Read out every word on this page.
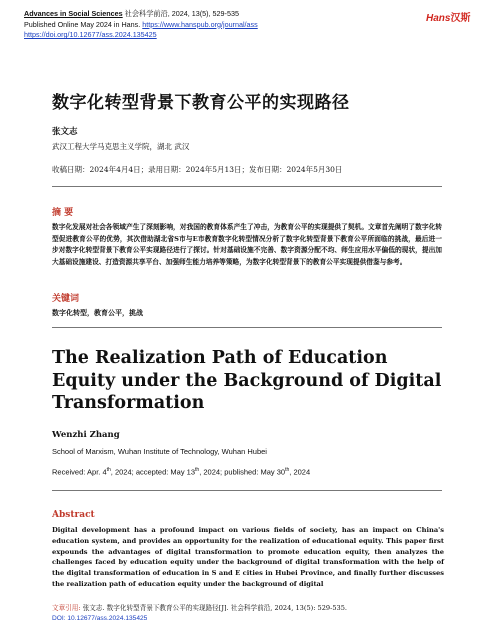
Advances in Social Sciences 社会科学前沿, 2024, 13(5), 529-535
Published Online May 2024 in Hans. https://www.hanspub.org/journal/ass
https://doi.org/10.12677/ass.2024.135425
Hans汉斯
数字化转型背景下教育公平的实现路径
张文志
武汉工程大学马克思主义学院，湖北 武汉
收稿日期：2024年4月4日；录用日期：2024年5月13日；发布日期：2024年5月30日
摘 要
数字化发展对社会各领域产生了深刻影响，对我国的教育体系产生了冲击，为教育公平的实现提供了契机。文章首先阐明了数字化转型促进教育公平的优势，其次借助湖北省S市与E市教育数字化转型情况分析了数字化转型背景下教育公平所面临的挑战，最后进一步对数字化转型背景下教育公平实现路径进行了探讨。针对基础设施不完善、数字资源分配不均、师生应用水平偏低的现状，提出加大基础设施建设、打造资源共享平台、加强师生能力培养等策略，为数字化转型背景下的教育公平实现提供借鉴与参考。
关键词
数字化转型，教育公平，挑战
The Realization Path of Education Equity under the Background of Digital Transformation
Wenzhi Zhang
School of Marxism, Wuhan Institute of Technology, Wuhan Hubei
Received: Apr. 4th, 2024; accepted: May 13th, 2024; published: May 30th, 2024
Abstract
Digital development has a profound impact on various fields of society, has an impact on China's education system, and provides an opportunity for the realization of educational equity. This paper first expounds the advantages of digital transformation to promote education equity, then analyzes the challenges faced by education equity under the background of digital transformation with the help of the digital transformation of education in S and E cities in Hubei Province, and finally further discusses the realization path of education equity under the background of digital
文章引用: 张文志. 数字化转型背景下教育公平的实现路径[J]. 社会科学前沿, 2024, 13(5): 529-535.
DOI: 10.12677/ass.2024.135425
